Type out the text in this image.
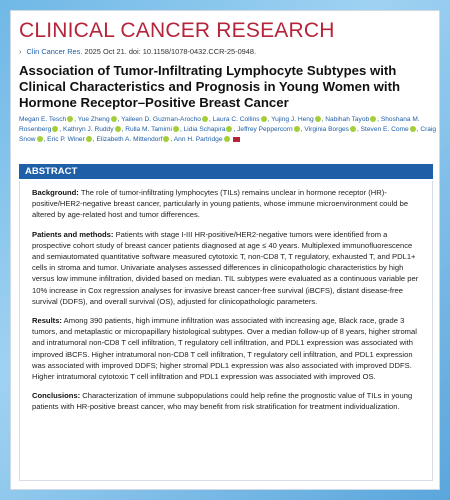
CLINICAL CANCER RESEARCH
› Clin Cancer Res. 2025 Oct 21. doi: 10.1158/1078-0432.CCR-25-0948.
Association of Tumor-Infiltrating Lymphocyte Subtypes with Clinical Characteristics and Prognosis in Young Women with Hormone Receptor–Positive Breast Cancer
Megan E. Tesch , Yue Zheng , Yaileen D. Guzman-Arocho , Laura C. Collins , Yujing J. Heng , Nabihah Tayob , Shoshana M. Rosenberg , Kathryn J. Ruddy , Rulla M. Tamimi , Lidia Schapira , Jeffrey Peppercorn , Virginia Borges , Steven E. Come , Craig Snow , Eric P. Winer , Elizabeth A. Mittendorf , Ann H. Partridge
ABSTRACT

Background: The role of tumor-infiltrating lymphocytes (TILs) remains unclear in hormone receptor (HR)-positive/HER2-negative breast cancer, particularly in young patients, whose immune microenvironment could be altered by age-related host and tumor differences.

Patients and methods: Patients with stage I-III HR-positive/HER2-negative tumors were identified from a prospective cohort study of breast cancer patients diagnosed at age ≤ 40 years. Multiplexed immunofluorescence and semiautomated quantitative software measured cytotoxic T, non-CD8 T, T regulatory, exhausted T, and PDL1+ cells in stroma and tumor. Univariate analyses assessed differences in clinicopathologic characteristics by high versus low immune infiltration, divided based on median. TIL subtypes were evaluated as a continuous variable per 10% increase in Cox regression analyses for invasive breast cancer-free survival (iBCFS), distant disease-free survival (DDFS), and overall survival (OS), adjusted for clinicopathologic parameters.

Results: Among 390 patients, high immune infiltration was associated with increasing age, Black race, grade 3 tumors, and metaplastic or micropapillary histological subtypes. Over a median follow-up of 8 years, higher stromal and intratumoral non-CD8 T cell infiltration, T regulatory cell infiltration, and PDL1 expression was associated with improved iBCFS. Higher intratumoral non-CD8 T cell infiltration, T regulatory cell infiltration, and PDL1 expression was associated with improved DDFS; higher stromal PDL1 expression was also associated with improved DDFS. Higher intratumoral cytotoxic T cell infiltration and PDL1 expression was associated with improved OS.

Conclusions: Characterization of immune subpopulations could help refine the prognostic value of TILs in young patients with HR-positive breast cancer, who may benefit from risk stratification for treatment individualization.
